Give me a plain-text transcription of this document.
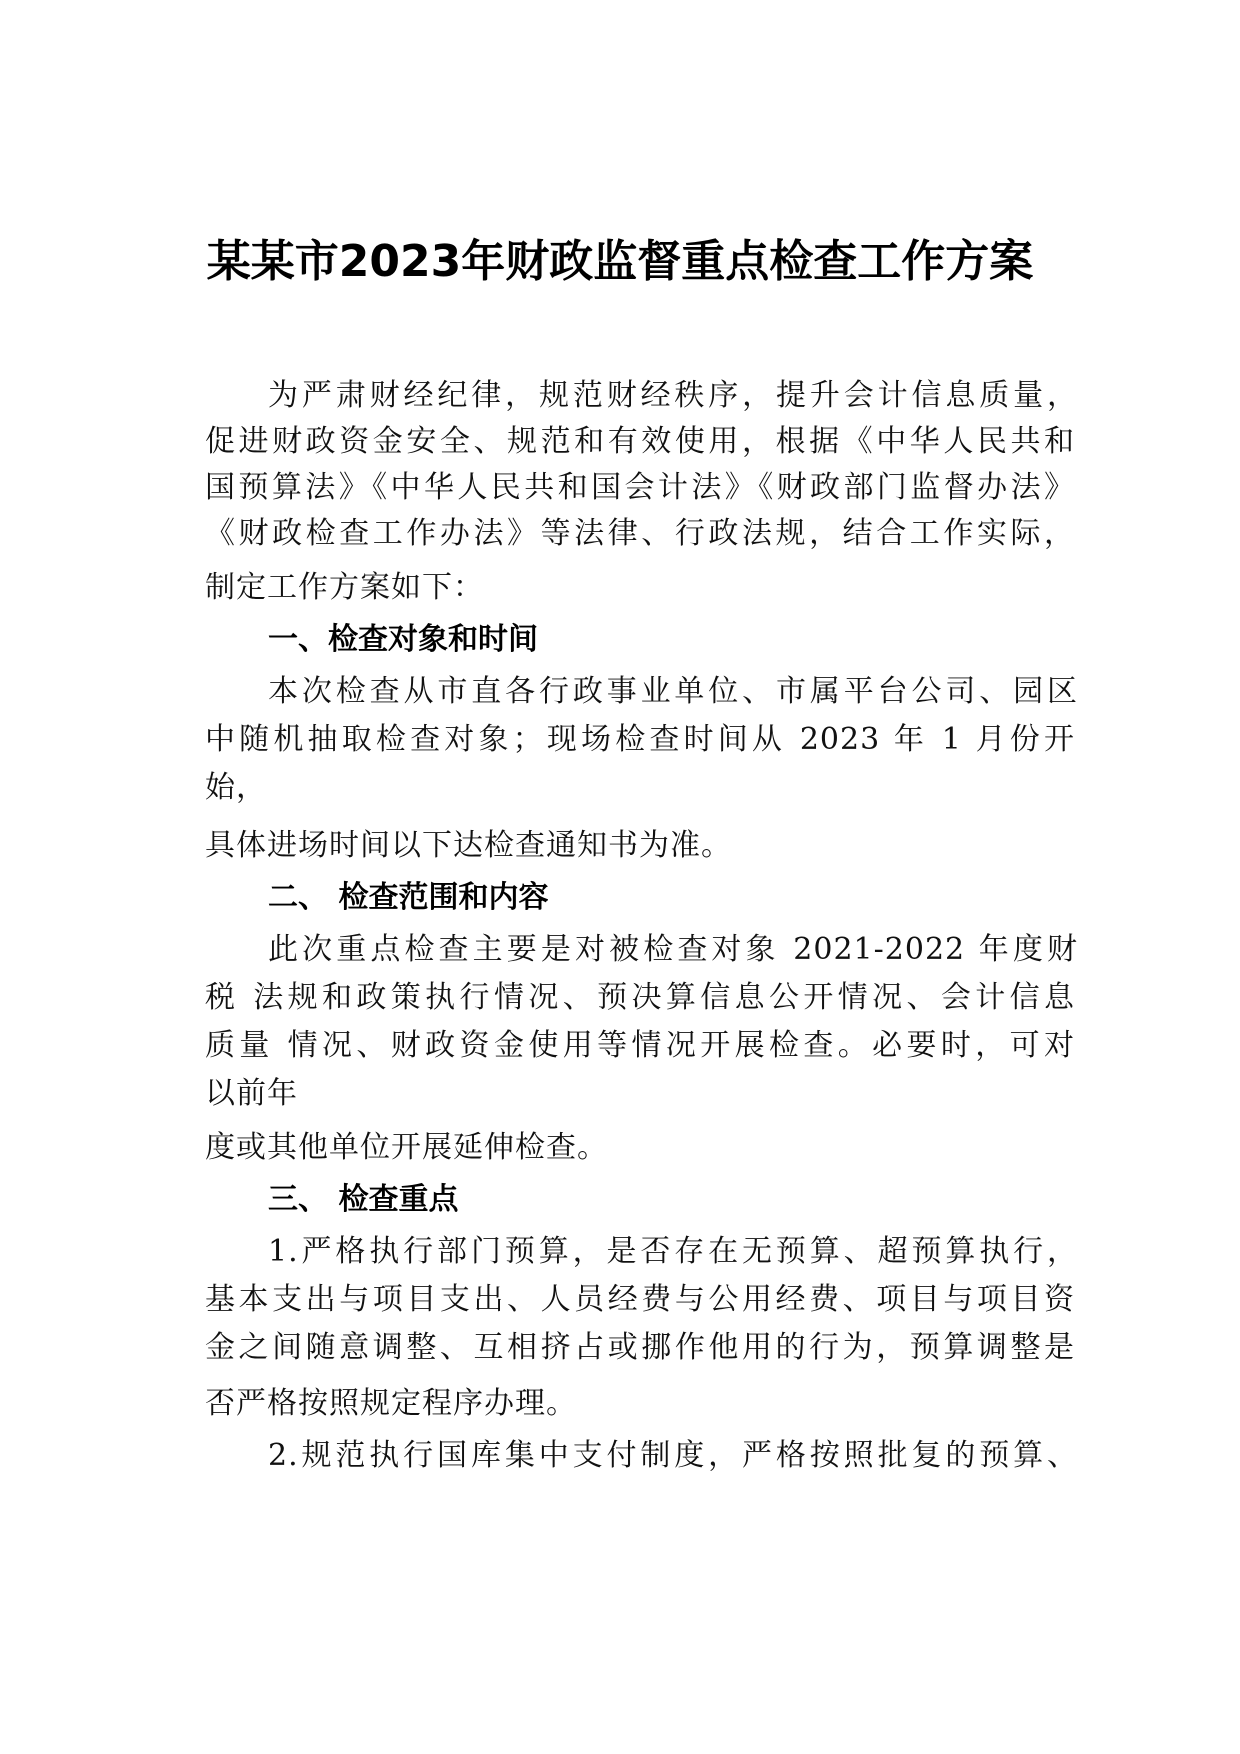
某某市2023年财政监督重点检查工作方案
为严肃财经纪律，规范财经秩序，提升会计信息质量，
促进财政资金安全、规范和有效使用，根据《中华人民共和
国预算法》《中华人民共和国会计法》《财政部门监督办法》
《财政检查工作办法》等法律、行政法规，结合工作实际，
制定工作方案如下：
一、检查对象和时间
本次检查从市直各行政事业单位、市属平台公司、园区
中随机抽取检查对象；现场检查时间从 2023 年 1 月份开
始，
具体进场时间以下达检查通知书为准。
二、 检查范围和内容
此次重点检查主要是对被检查对象 2021-2022 年度财
税 法规和政策执行情况、预决算信息公开情况、会计信息
质量 情况、财政资金使用等情况开展检查。必要时，可对
以前年
度或其他单位开展延伸检查。
三、 检查重点
1.严格执行部门预算，是否存在无预算、超预算执行，
基本支出与项目支出、人员经费与公用经费、项目与项目资
金之间随意调整、互相挤占或挪作他用的行为，预算调整是
否严格按照规定程序办理。
2.规范执行国库集中支付制度，严格按照批复的预算、
